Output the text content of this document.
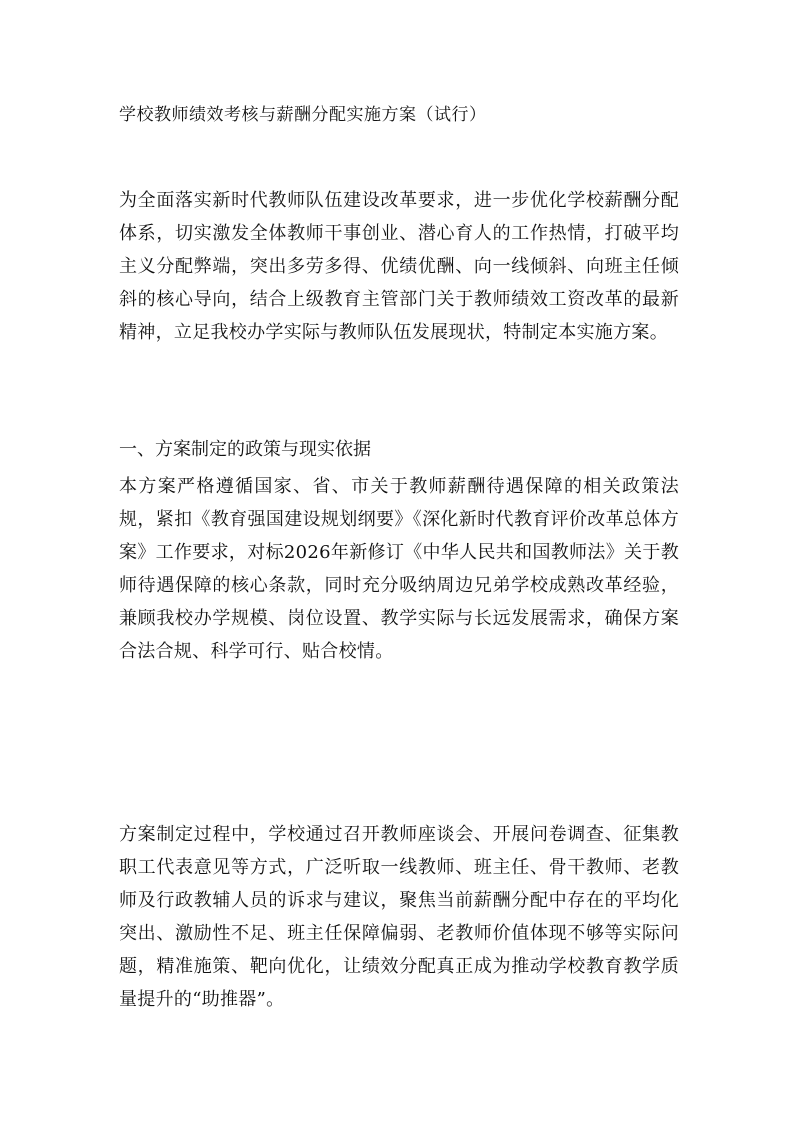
学校教师绩效考核与薪酬分配实施方案（试行）

为全面落实新时代教师队伍建设改革要求，进一步优化学校薪酬分配体系，切实激发全体教师干事创业、潜心育人的工作热情，打破平均主义分配弊端，突出多劳多得、优绩优酬、向一线倾斜、向班主任倾斜的核心导向，结合上级教育主管部门关于教师绩效工资改革的最新精神，立足我校办学实际与教师队伍发展现状，特制定本实施方案。

一、方案制定的政策与现实依据

本方案严格遵循国家、省、市关于教师薪酬待遇保障的相关政策法规，紧扣《教育强国建设规划纲要》《深化新时代教育评价改革总体方案》工作要求，对标2026年新修订《中华人民共和国教师法》关于教师待遇保障的核心条款，同时充分吸纳周边兄弟学校成熟改革经验，兼顾我校办学规模、岗位设置、教学实际与长远发展需求，确保方案合法合规、科学可行、贴合校情。

方案制定过程中，学校通过召开教师座谈会、开展问卷调查、征集教职工代表意见等方式，广泛听取一线教师、班主任、骨干教师、老教师及行政教辅人员的诉求与建议，聚焦当前薪酬分配中存在的平均化突出、激励性不足、班主任保障偏弱、老教师价值体现不够等实际问题，精准施策、靶向优化，让绩效分配真正成为推动学校教育教学质量提升的“助推器”。
